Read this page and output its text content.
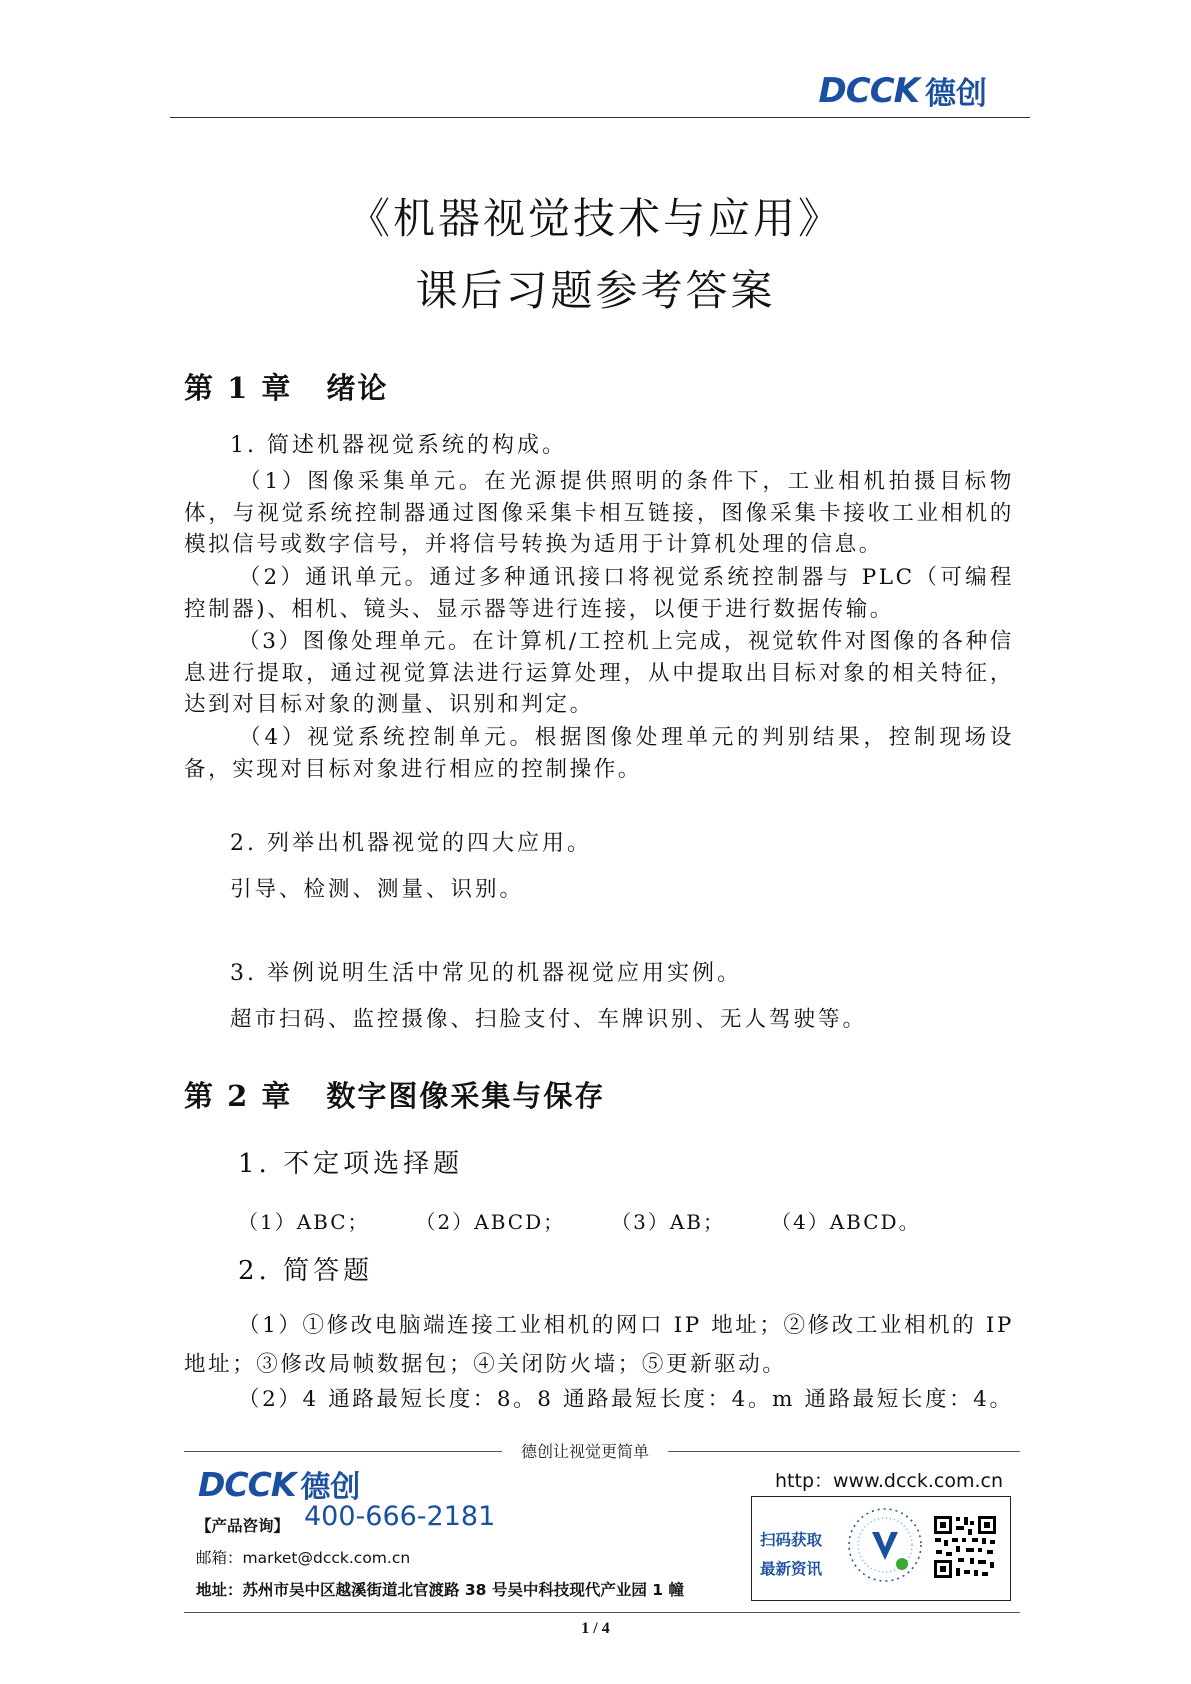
DCCK 德创
《机器视觉技术与应用》
课后习题参考答案
第 1 章 绪论
1. 简述机器视觉系统的构成。
（1）图像采集单元。在光源提供照明的条件下，工业相机拍摄目标物体，与视觉系统控制器通过图像采集卡相互链接，图像采集卡接收工业相机的模拟信号或数字信号，并将信号转换为适用于计算机处理的信息。
（2）通讯单元。通过多种通讯接口将视觉系统控制器与 PLC（可编程控制器)、相机、镜头、显示器等进行连接，以便于进行数据传输。
（3）图像处理单元。在计算机/工控机上完成，视觉软件对图像的各种信息进行提取，通过视觉算法进行运算处理，从中提取出目标对象的相关特征，达到对目标对象的测量、识别和判定。
（4）视觉系统控制单元。根据图像处理单元的判别结果，控制现场设备，实现对目标对象进行相应的控制操作。
2. 列举出机器视觉的四大应用。
引导、检测、测量、识别。
3. 举例说明生活中常见的机器视觉应用实例。
超市扫码、监控摄像、扫脸支付、车牌识别、无人驾驶等。
第 2 章 数字图像采集与保存
1. 不定项选择题
（1）ABC； （2）ABCD； （3）AB； （4）ABCD。
2. 简答题
（1）①修改电脑端连接工业相机的网口 IP 地址；②修改工业相机的 IP 地址；③修改局帧数据包；④关闭防火墙；⑤更新驱动。
（2）4 通路最短长度：8。8 通路最短长度：4。m 通路最短长度：4。
德创让视觉更简单
DCCK 德创
【产品咨询】 400-666-2181
邮箱：market@dcck.com.cn
地址：苏州市吴中区越溪街道北官渡路 38 号吴中科技现代产业园 1 幢
http：www.dcck.com.cn
扫码获取
最新资讯
1 / 4
